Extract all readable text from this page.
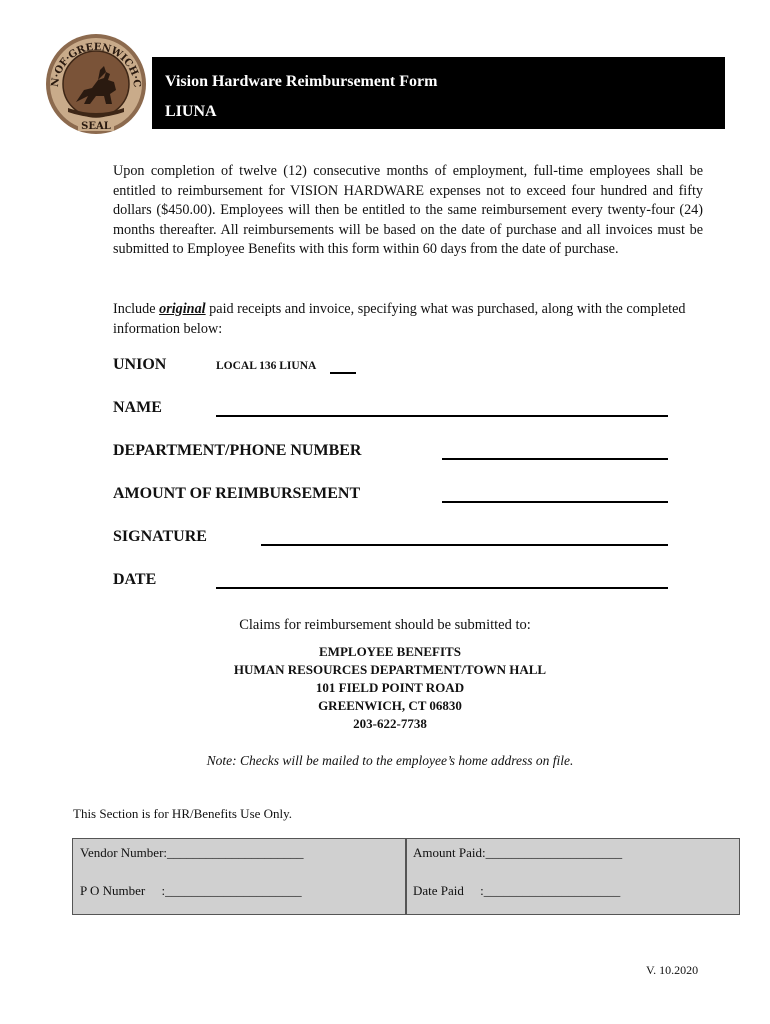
N·OF·GREENWICH·C
SEAL
Vision Hardware Reimbursement Form
LIUNA
Upon completion of twelve (12) consecutive months of employment, full-time employees shall be entitled to reimbursement for VISION HARDWARE expenses not to exceed four hundred and fifty dollars ($450.00). Employees will then be entitled to the same reimbursement every twenty-four (24) months thereafter. All reimbursements will be based on the date of purchase and all invoices must be submitted to Employee Benefits with this form within 60 days from the date of purchase.
Include original paid receipts and invoice, specifying what was purchased, along with the completed information below:
UNION	LOCAL 136 LIUNA
NAME
DEPARTMENT/PHONE NUMBER
AMOUNT OF REIMBURSEMENT
SIGNATURE
DATE
Claims for reimbursement should be submitted to:
EMPLOYEE BENEFITS
HUMAN RESOURCES DEPARTMENT/TOWN HALL
101 FIELD POINT ROAD
GREENWICH, CT 06830
203-622-7738
Note: Checks will be mailed to the employee’s home address on file.
This Section is for HR/Benefits Use Only.
Vendor Number:_____________________
P O Number     :_____________________
Amount Paid:_____________________
Date Paid     :_____________________
V. 10.2020
